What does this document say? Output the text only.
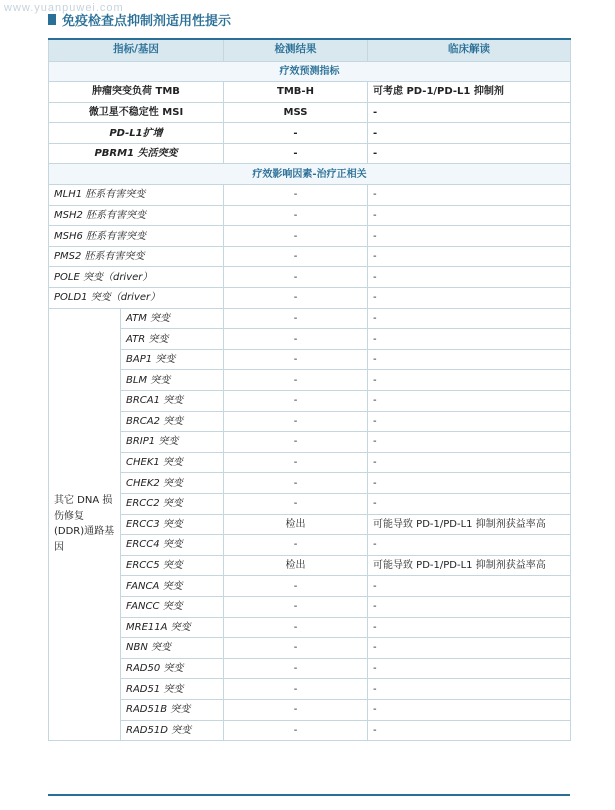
www.yuanpuwei.com
免疫检查点抑制剂适用性提示
指标/基因		检测结果	临床解读
疗效预测指标			
肿瘤突变负荷 TMB		TMB-H	可考虑 PD-1/PD-L1 抑制剂
微卫星不稳定性 MSI		MSS	-
PD-L1扩增		-	-
PBRM1 失活突变		-	-
疗效影响因素-治疗正相关			
MLH1 胚系有害突变		-	-
MSH2 胚系有害突变		-	-
MSH6 胚系有害突变		-	-
PMS2 胚系有害突变		-	-
POLE 突变（driver）		-	-
POLD1 突变（driver）		-	-
其它 DNA 损伤修复 (DDR)通路基因	ATM 突变	-	-
	ATR 突变	-	-
	BAP1 突变	-	-
	BLM 突变	-	-
	BRCA1 突变	-	-
	BRCA2 突变	-	-
	BRIP1 突变	-	-
	CHEK1 突变	-	-
	CHEK2 突变	-	-
	ERCC2 突变	-	-
	ERCC3 突变	检出	可能导致 PD-1/PD-L1 抑制剂获益率高
	ERCC4 突变	-	-
	ERCC5 突变	检出	可能导致 PD-1/PD-L1 抑制剂获益率高
	FANCA 突变	-	-
	FANCC 突变	-	-
	MRE11A 突变	-	-
	NBN 突变	-	-
	RAD50 突变	-	-
	RAD51 突变	-	-
	RAD51B 突变	-	-
	RAD51D 突变	-	-
